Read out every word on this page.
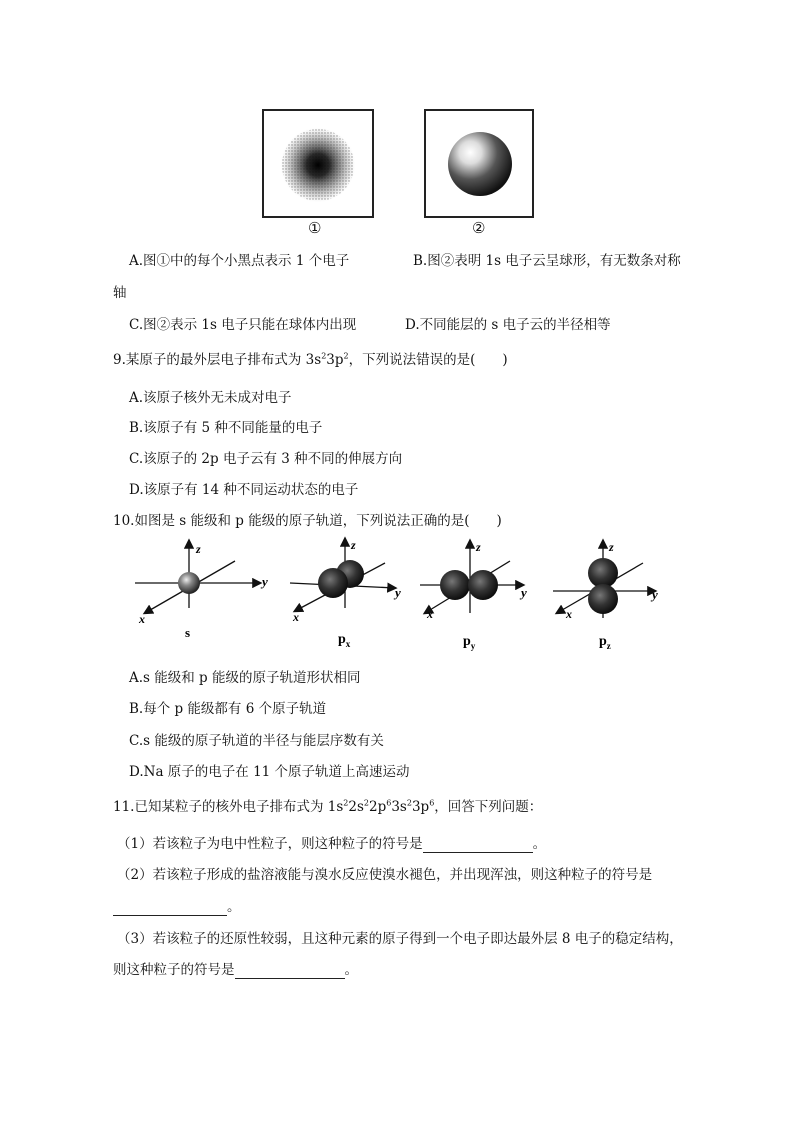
①	②
A.图①中的每个小黑点表示 1 个电子	B.图②表明 1s 电子云呈球形，有无数条对称
轴
C.图②表示 1s 电子只能在球体内出现	D.不同能层的 s 电子云的半径相等
9.某原子的最外层电子排布式为 $3s^23p^2$，下列说法错误的是(　　)
A.该原子核外无未成对电子
B.该原子有 5 种不同能量的电子
C.该原子的 2p 电子云有 3 种不同的伸展方向
D.该原子有 14 种不同运动状态的电子
10.如图是 s 能级和 p 能级的原子轨道，下列说法正确的是(　　)
z
y
x
s
z
y
x
$p_x$
z
y
x
$p_y$
z
y
x
$p_z$
A.s 能级和 p 能级的原子轨道形状相同
B.每个 p 能级都有 6 个原子轨道
C.s 能级的原子轨道的半径与能层序数有关
D.Na 原子的电子在 11 个原子轨道上高速运动
11.已知某粒子的核外电子排布式为 $1s^22s^22p^63s^23p^6$，回答下列问题：
（1）若该粒子为电中性粒子，则这种粒子的符号是	。
（2）若该粒子形成的盐溶液能与溴水反应使溴水褪色，并出现浑浊，则这种粒子的符号是
。
（3）若该粒子的还原性较弱，且这种元素的原子得到一个电子即达最外层 8 电子的稳定结构，
则这种粒子的符号是	。
